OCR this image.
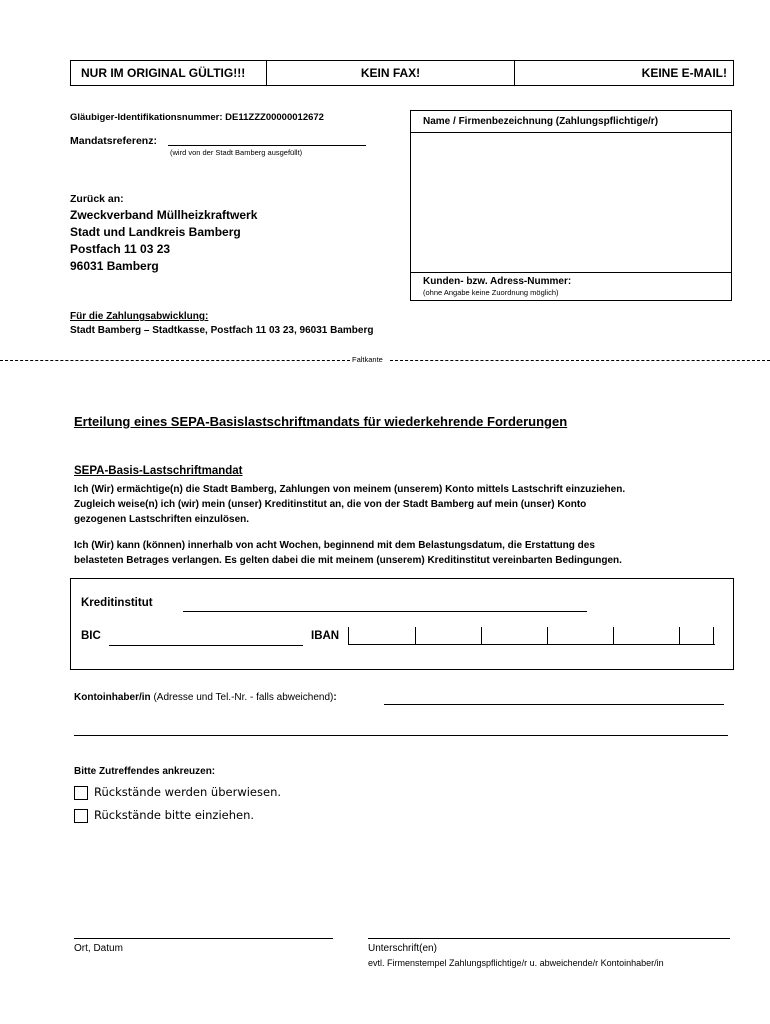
NUR IM ORIGINAL GÜLTIG!!!	KEIN FAX!	KEINE E-MAIL!
Gläubiger-Identifikationsnummer: DE11ZZZ00000012672
Mandatsreferenz:
(wird von der Stadt Bamberg ausgefüllt)
Zurück an:
Zweckverband Müllheizkraftwerk
Stadt und Landkreis Bamberg
Postfach 11 03 23
96031 Bamberg
Name / Firmenbezeichnung (Zahlungspflichtige/r)
Kunden- bzw. Adress-Nummer:
(ohne Angabe keine Zuordnung möglich)
Für die Zahlungsabwicklung:
Stadt Bamberg – Stadtkasse, Postfach 11 03 23, 96031 Bamberg
Faltkante
Erteilung eines SEPA-Basislastschriftmandats für wiederkehrende Forderungen
SEPA-Basis-Lastschriftmandat
Ich (Wir) ermächtige(n) die Stadt Bamberg, Zahlungen von meinem (unserem) Konto mittels Lastschrift einzuziehen.
Zugleich weise(n) ich (wir) mein (unser) Kreditinstitut an, die von der Stadt Bamberg auf mein (unser) Konto
gezogenen Lastschriften einzulösen.
Ich (Wir) kann (können) innerhalb von acht Wochen, beginnend mit dem Belastungsdatum, die Erstattung des
belasteten Betrages verlangen. Es gelten dabei die mit meinem (unserem) Kreditinstitut vereinbarten Bedingungen.
Kreditinstitut
BIC	IBAN
Kontoinhaber/in (Adresse und Tel.-Nr. - falls abweichend):
Bitte Zutreffendes ankreuzen:
Rückstände werden überwiesen.
Rückstände bitte einziehen.
Ort, Datum	Unterschrift(en)
evtl. Firmenstempel Zahlungspflichtige/r u. abweichende/r Kontoinhaber/in
